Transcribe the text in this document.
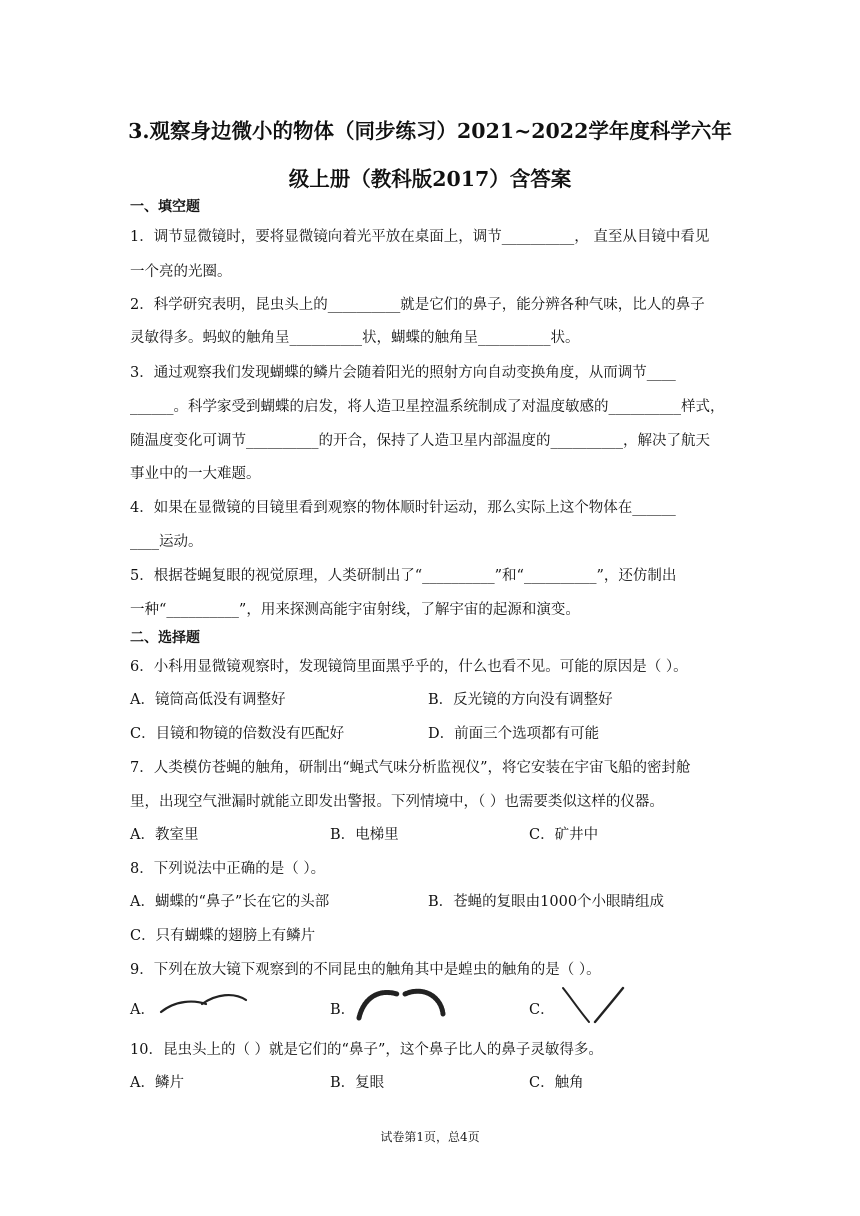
3.观察身边微小的物体（同步练习）2021~2022学年度科学六年
级上册（教科版2017）含答案
一、填空题
1．调节显微镜时，要将显微镜向着光平放在桌面上，调节__________， 直至从目镜中看见
一个亮的光圈。
2．科学研究表明，昆虫头上的__________就是它们的鼻子，能分辨各种气味，比人的鼻子
灵敏得多。蚂蚁的触角呈__________状，蝴蝶的触角呈__________状。
3．通过观察我们发现蝴蝶的鳞片会随着阳光的照射方向自动变换角度，从而调节____
______。科学家受到蝴蝶的启发，将人造卫星控温系统制成了对温度敏感的__________样式，
随温度变化可调节__________的开合，保持了人造卫星内部温度的__________，解决了航天
事业中的一大难题。
4．如果在显微镜的目镜里看到观察的物体顺时针运动，那么实际上这个物体在______
____运动。
5．根据苍蝇复眼的视觉原理，人类研制出了“__________”和“__________”，还仿制出
一种“__________”，用来探测高能宇宙射线，了解宇宙的起源和演变。
二、选择题
6．小科用显微镜观察时，发现镜筒里面黑乎乎的，什么也看不见。可能的原因是（ ）。
A．镜筒高低没有调整好	B．反光镜的方向没有调整好
C．目镜和物镜的倍数没有匹配好	D．前面三个选项都有可能
7．人类模仿苍蝇的触角，研制出“蝇式气味分析监视仪”，将它安装在宇宙飞船的密封舱
里，出现空气泄漏时就能立即发出警报。下列情境中，（ ）也需要类似这样的仪器。
A．教室里	B．电梯里	C．矿井中
8．下列说法中正确的是（ ）。
A．蝴蝶的“鼻子”长在它的头部	B．苍蝇的复眼由1000个小眼睛组成
C．只有蝴蝶的翅膀上有鳞片
9．下列在放大镜下观察到的不同昆虫的触角其中是蝗虫的触角的是（ ）。
A．	B．	C．
10．昆虫头上的（ ）就是它们的“鼻子”，这个鼻子比人的鼻子灵敏得多。
A．鳞片	B．复眼	C．触角
试卷第1页，总4页
